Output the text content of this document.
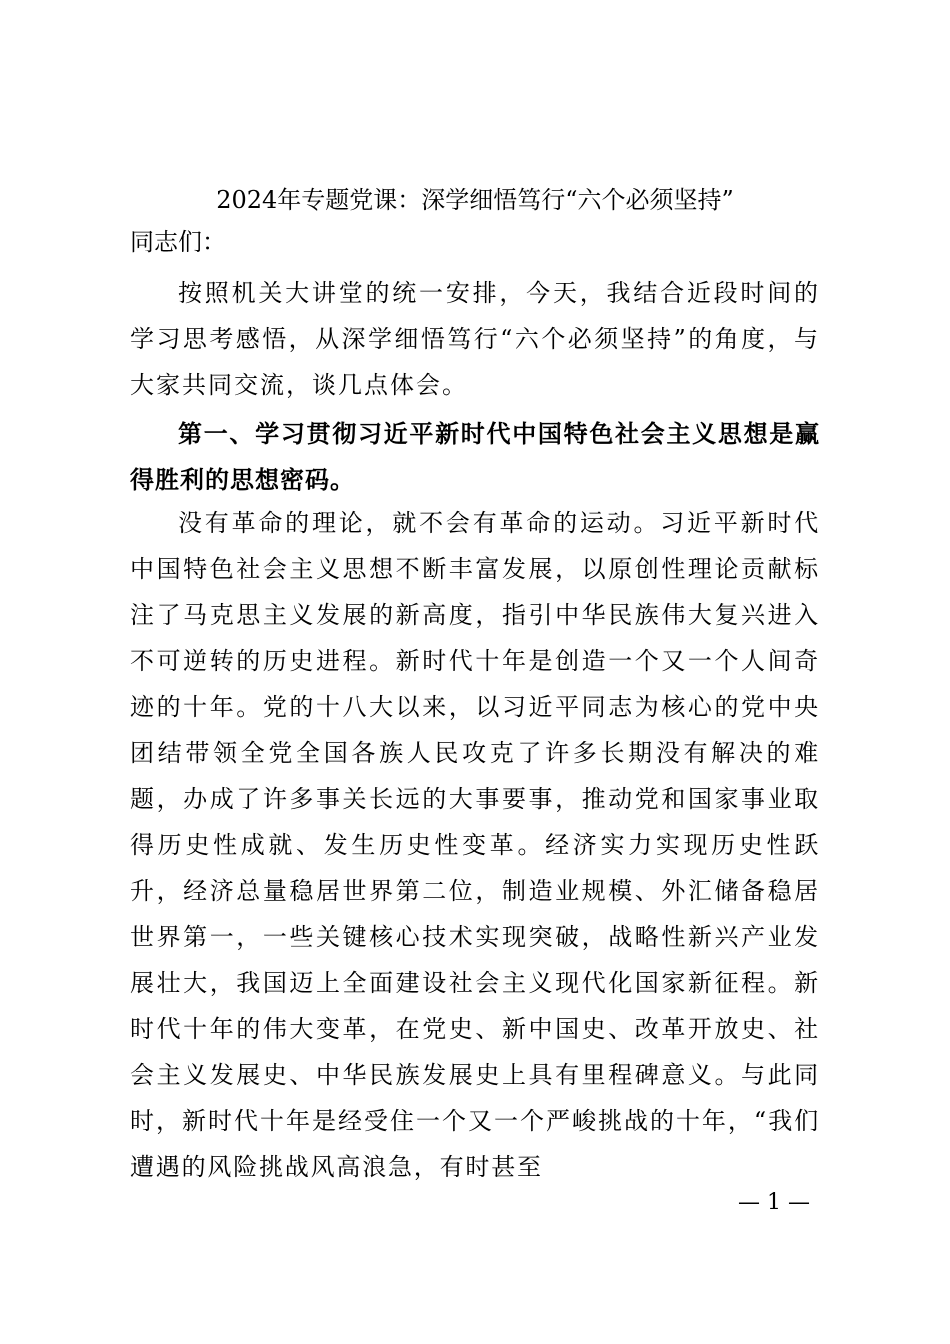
2024年专题党课：深学细悟笃行“六个必须坚持”
同志们：

按照机关大讲堂的统一安排，今天，我结合近段时间的学习思考感悟，从深学细悟笃行“六个必须坚持”的角度，与大家共同交流，谈几点体会。

第一、学习贯彻习近平新时代中国特色社会主义思想是赢得胜利的思想密码。

没有革命的理论，就不会有革命的运动。习近平新时代中国特色社会主义思想不断丰富发展，以原创性理论贡献标注了马克思主义发展的新高度，指引中华民族伟大复兴进入不可逆转的历史进程。新时代十年是创造一个又一个人间奇迹的十年。党的十八大以来，以习近平同志为核心的党中央团结带领全党全国各族人民攻克了许多长期没有解决的难题，办成了许多事关长远的大事要事，推动党和国家事业取得历史性成就、发生历史性变革。经济实力实现历史性跃升，经济总量稳居世界第二位，制造业规模、外汇储备稳居世界第一，一些关键核心技术实现突破，战略性新兴产业发展壮大，我国迈上全面建设社会主义现代化国家新征程。新时代十年的伟大变革，在党史、新中国史、改革开放史、社会主义发展史、中华民族发展史上具有里程碑意义。与此同时，新时代十年是经受住一个又一个严峻挑战的十年，“我们遭遇的风险挑战风高浪急，有时甚至

— 1 —
